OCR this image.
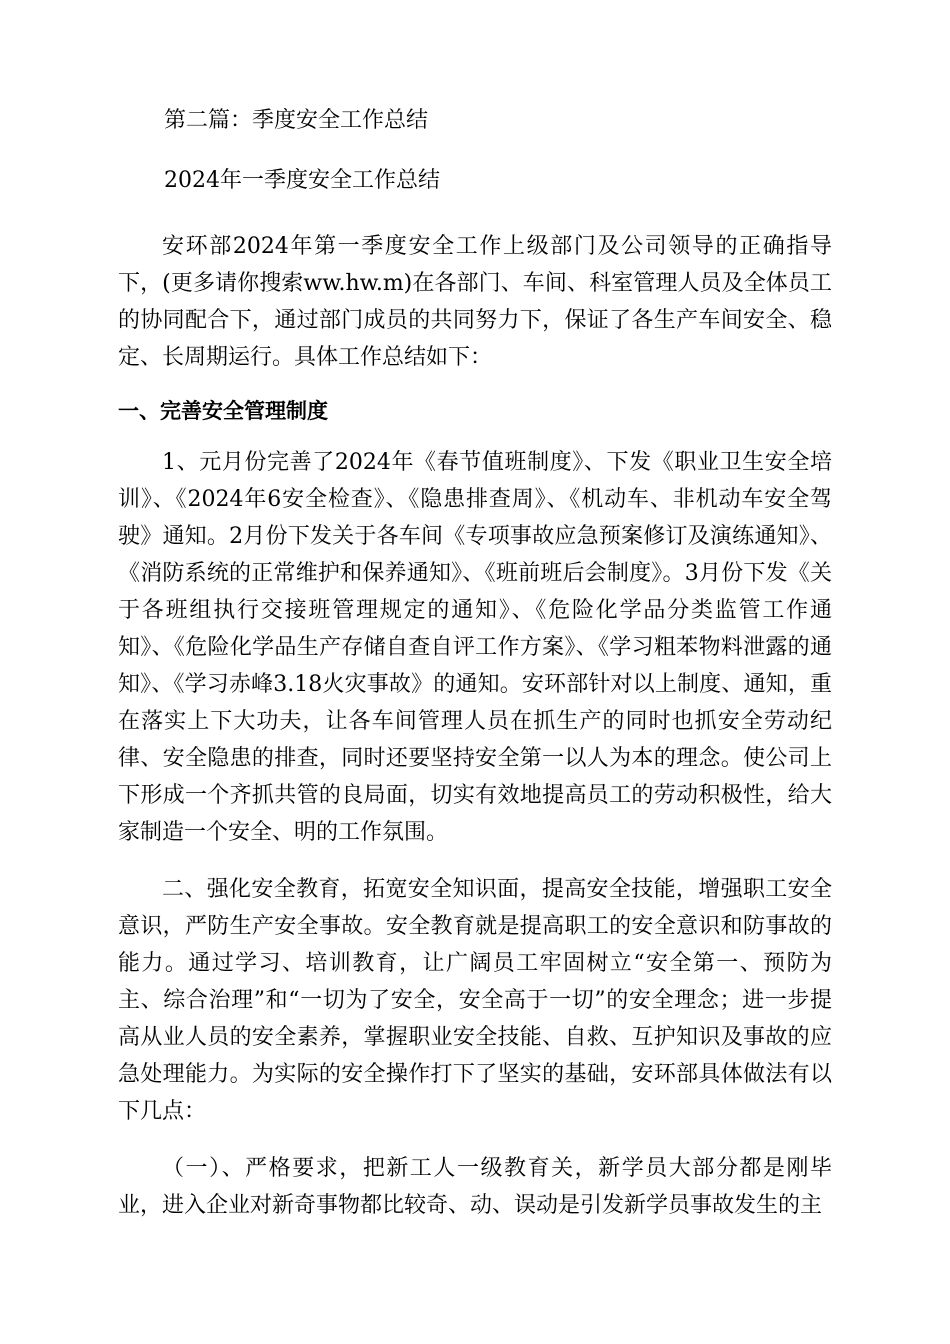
第二篇：季度安全工作总结
2024年一季度安全工作总结

安环部2024年第一季度安全工作上级部门及公司领导的正确指导下，(更多请你搜索ww.hw.m)在各部门、车间、科室管理人员及全体员工的协同配合下，通过部门成员的共同努力下，保证了各生产车间安全、稳定、长周期运行。具体工作总结如下：

一、完善安全管理制度

1、元月份完善了2024年《春节值班制度》、下发《职业卫生安全培训》、《2024年6安全检查》、《隐患排查周》、《机动车、非机动车安全驾驶》通知。2月份下发关于各车间《专项事故应急预案修订及演练通知》、《消防系统的正常维护和保养通知》、《班前班后会制度》。3月份下发《关于各班组执行交接班管理规定的通知》、《危险化学品分类监管工作通知》、《危险化学品生产存储自查自评工作方案》、《学习粗苯物料泄露的通知》、《学习赤峰3.18火灾事故》的通知。安环部针对以上制度、通知，重在落实上下大功夫，让各车间管理人员在抓生产的同时也抓安全劳动纪律、安全隐患的排查，同时还要坚持安全第一以人为本的理念。使公司上下形成一个齐抓共管的良局面，切实有效地提高员工的劳动积极性，给大家制造一个安全、明的工作氛围。

二、强化安全教育，拓宽安全知识面，提高安全技能，增强职工安全意识，严防生产安全事故。安全教育就是提高职工的安全意识和防事故的能力。通过学习、培训教育，让广阔员工牢固树立“安全第一、预防为主、综合治理”和“一切为了安全，安全高于一切”的安全理念；进一步提高从业人员的安全素养，掌握职业安全技能、自救、互护知识及事故的应急处理能力。为实际的安全操作打下了坚实的基础，安环部具体做法有以下几点：

（一）、严格要求，把新工人一级教育关，新学员大部分都是刚毕业，进入企业对新奇事物都比较奇、动、误动是引发新学员事故发生的主
